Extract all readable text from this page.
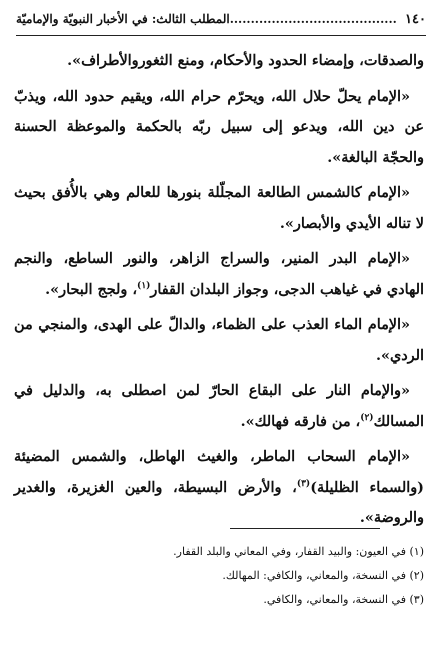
١٤٠
........................................المطلب الثالث: في الأخبار النبويّة والإماميّة

والصدقات، وإمضاء الحدود والأحكام، ومنع الثغوروالأطراف».

«الإمام يحلّ حلال الله، ويحرّم حرام الله، ويقيم حدود الله، ويذبّ عن دين الله، ويدعو إلى سبيل ربّه بالحكمة والموعظة الحسنة والحجّة البالغة».

«الإمام كالشمس الطالعة المجلّلة بنورها للعالم وهي بالأُفق بحيث لا تناله الأيدي والأبصار».

«الإمام البدر المنير، والسراج الزاهر، والنور الساطع، والنجم الهادي في غياهب الدجى، وجواز البلدان القفار$^{(١)}$، ولجج البحار».

«الإمام الماء العذب على الظماء، والدالّ على الهدى، والمنجي من الردي».

«والإمام النار على البقاع الحارّ لمن اصطلى به، والدليل في المسالك$^{(٢)}$، من فارقه فهالك».

«الإمام السحاب الماطر، والغيث الهاطل، والشمس المضيئة (والسماء الظليلة)$^{(٣)}$، والأرض البسيطة، والعين الغزيرة، والغدير والروضة».

(١) في العيون: والبيد القفار، وفي المعاني والبلد القفار.
(٢) في النسخة، والمعاني، والكافي: المهالك.
(٣) في النسخة، والمعاني، والكافي.
